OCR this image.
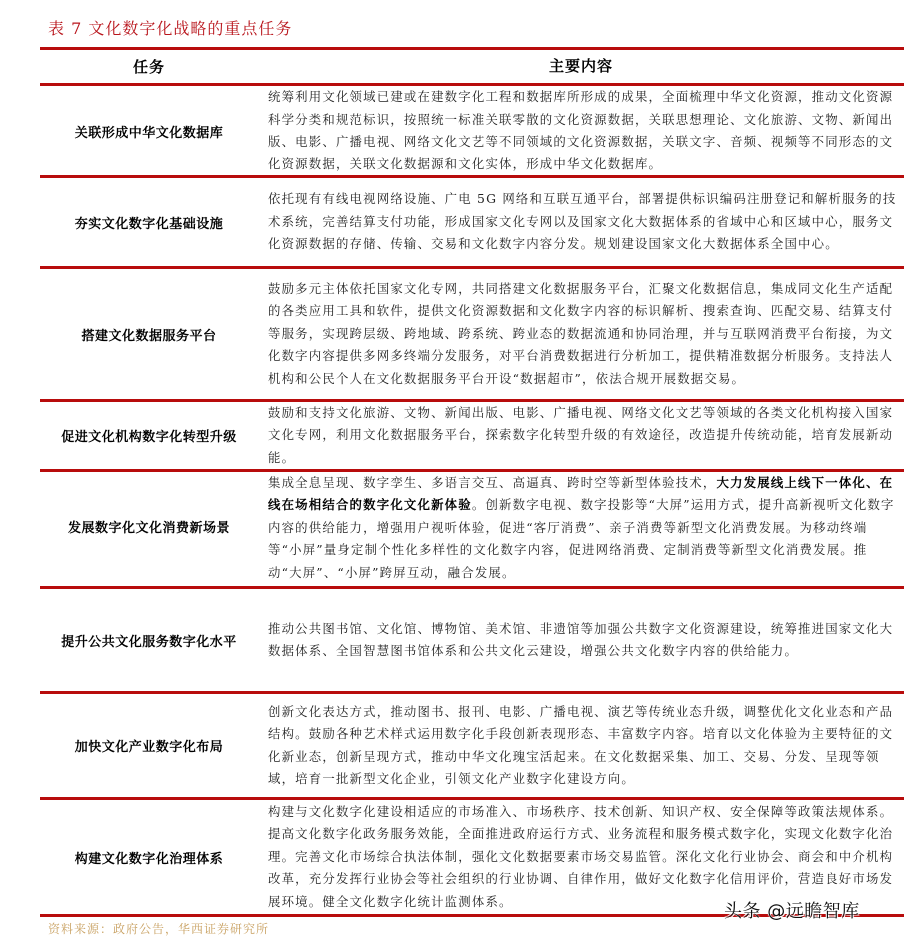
表 7 文化数字化战略的重点任务
任务	主要内容
关联形成中华文化数据库
统筹利用文化领域已建或在建数字化工程和数据库所形成的成果，全面梳理中华文化资源，推动文化资源科学分类和规范标识，按照统一标准关联零散的文化资源数据，关联思想理论、文化旅游、文物、新闻出版、电影、广播电视、网络文化文艺等不同领域的文化资源数据，关联文字、音频、视频等不同形态的文化资源数据，关联文化数据源和文化实体，形成中华文化数据库。
夯实文化数字化基础设施
依托现有有线电视网络设施、广电 5G 网络和互联互通平台，部署提供标识编码注册登记和解析服务的技术系统，完善结算支付功能，形成国家文化专网以及国家文化大数据体系的省域中心和区域中心，服务文化资源数据的存储、传输、交易和文化数字内容分发。规划建设国家文化大数据体系全国中心。
搭建文化数据服务平台
鼓励多元主体依托国家文化专网，共同搭建文化数据服务平台，汇聚文化数据信息，集成同文化生产适配的各类应用工具和软件，提供文化资源数据和文化数字内容的标识解析、搜索查询、匹配交易、结算支付等服务，实现跨层级、跨地域、跨系统、跨业态的数据流通和协同治理，并与互联网消费平台衔接，为文化数字内容提供多网多终端分发服务，对平台消费数据进行分析加工，提供精准数据分析服务。支持法人机构和公民个人在文化数据服务平台开设“数据超市”，依法合规开展数据交易。
促进文化机构数字化转型升级
鼓励和支持文化旅游、文物、新闻出版、电影、广播电视、网络文化文艺等领域的各类文化机构接入国家文化专网，利用文化数据服务平台，探索数字化转型升级的有效途径，改造提升传统动能，培育发展新动能。
发展数字化文化消费新场景
集成全息呈现、数字孪生、多语言交互、高逼真、跨时空等新型体验技术，大力发展线上线下一体化、在线在场相结合的数字化文化新体验。创新数字电视、数字投影等“大屏”运用方式，提升高新视听文化数字内容的供给能力，增强用户视听体验，促进“客厅消费”、亲子消费等新型文化消费发展。为移动终端等“小屏”量身定制个性化多样性的文化数字内容，促进网络消费、定制消费等新型文化消费发展。推动“大屏”、“小屏”跨屏互动，融合发展。
提升公共文化服务数字化水平
推动公共图书馆、文化馆、博物馆、美术馆、非遗馆等加强公共数字文化资源建设，统筹推进国家文化大数据体系、全国智慧图书馆体系和公共文化云建设，增强公共文化数字内容的供给能力。
加快文化产业数字化布局
创新文化表达方式，推动图书、报刊、电影、广播电视、演艺等传统业态升级，调整优化文化业态和产品结构。鼓励各种艺术样式运用数字化手段创新表现形态、丰富数字内容。培育以文化体验为主要特征的文化新业态，创新呈现方式，推动中华文化瑰宝活起来。在文化数据采集、加工、交易、分发、呈现等领域，培育一批新型文化企业，引领文化产业数字化建设方向。
构建文化数字化治理体系
构建与文化数字化建设相适应的市场准入、市场秩序、技术创新、知识产权、安全保障等政策法规体系。提高文化数字化政务服务效能，全面推进政府运行方式、业务流程和服务模式数字化，实现文化数字化治理。完善文化市场综合执法体制，强化文化数据要素市场交易监管。深化文化行业协会、商会和中介机构改革，充分发挥行业协会等社会组织的行业协调、自律作用，做好文化数字化信用评价，营造良好市场发展环境。健全文化数字化统计监测体系。
资料来源：政府公告，华西证券研究所
头条 @远瞻智库
